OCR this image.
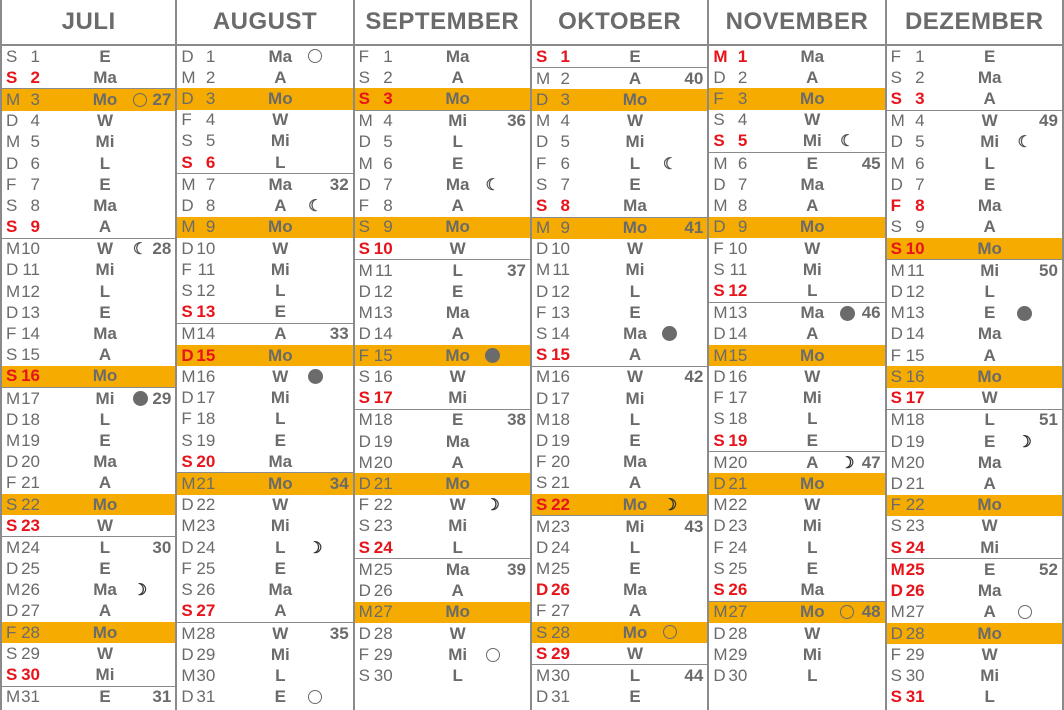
JULI
S 1	E
S 2	Ma
M 3	Mo	27
D 4	W
M 5	Mi
D 6	L
F 7	E
S 8	Ma
S 9	A
M 10	W	☾ 28
D 11	Mi
M 12	L
D 13	E
F 14	Ma
S 15	A
S 16	Mo
M 17	Mi	29
D 18	L
M 19	E
D 20	Ma
F 21	A
S 22	Mo
S 23	W
M 24	L	30
D 25	E
M 26	Ma	☽
D 27	A
F 28	Mo
S 29	W
S 30	Mi
M 31	E	31
AUGUST
D 1	Ma
M 2	A
D 3	Mo
F 4	W
S 5	Mi
S 6	L
M 7	Ma	32
D 8	A	☾
M 9	Mo
D 10	W
F 11	Mi
S 12	L
S 13	E
M 14	A	33
D 15	Mo
M 16	W
D 17	Mi
F 18	L
S 19	E
S 20	Ma
M 21	Mo	34
D 22	W
M 23	Mi
D 24	L	☽
F 25	E
S 26	Ma
S 27	A
M 28	W	35
D 29	Mi
M 30	L
D 31	E
SEPTEMBER
F 1	Ma
S 2	A
S 3	Mo
M 4	Mi	36
D 5	L
M 6	E
D 7	Ma	☾
F 8	A
S 9	Mo
S 10	W
M 11	L	37
D 12	E
M 13	Ma
D 14	A
F 15	Mo
S 16	W
S 17	Mi
M 18	E	38
D 19	Ma
M 20	A
D 21	Mo
F 22	W	☽
S 23	Mi
S 24	L
M 25	Ma	39
D 26	A
M 27	Mo
D 28	W
F 29	Mi
S 30	L
OKTOBER
S 1	E
M 2	A	40
D 3	Mo
M 4	W
D 5	Mi
F 6	L	☾
S 7	E
S 8	Ma
M 9	Mo	41
D 10	W
M 11	Mi
D 12	L
F 13	E
S 14	Ma
S 15	A
M 16	W	42
D 17	Mi
M 18	L
D 19	E
F 20	Ma
S 21	A
S 22	Mo ☽
M 23	Mi	43
D 24	L
M 25	E
D 26	Ma
F 27	A
S 28	Mo
S 29	W
M 30	L	44
D 31	E
NOVEMBER
M 1	Ma
D 2	A
F 3	Mo
S 4	W
S 5	Mi	☾
M 6	E	45
D 7	Ma
M 8	A
D 9	Mo
F 10	W
S 11	Mi
S 12	L
M 13	Ma	46
D 14	A
M 15	Mo
D 16	W
F 17	Mi
S 18	L
S 19	E
M 20	A	☽ 47
D 21	Mo
M 22	W
D 23	Mi
F 24	L
S 25	E
S 26	Ma
M 27	Mo	48
D 28	W
M 29	Mi
D 30	L
DEZEMBER
F 1	E
S 2	Ma
S 3	A
M 4	W	49
D 5	Mi	☾
M 6	L
D 7	E
F 8	Ma
S 9	A
S 10	Mo
M 11	Mi	50
D 12	L
M 13	E
D 14	Ma
F 15	A
S 16	Mo
S 17	W
M 18	L	51
D 19	E	☽
M 20	Ma
D 21	A
F 22	Mo
S 23	W
S 24	Mi
M 25	E	52
D 26	Ma
M 27	A
D 28	Mo
F 29	W
S 30	Mi
S 31	L
